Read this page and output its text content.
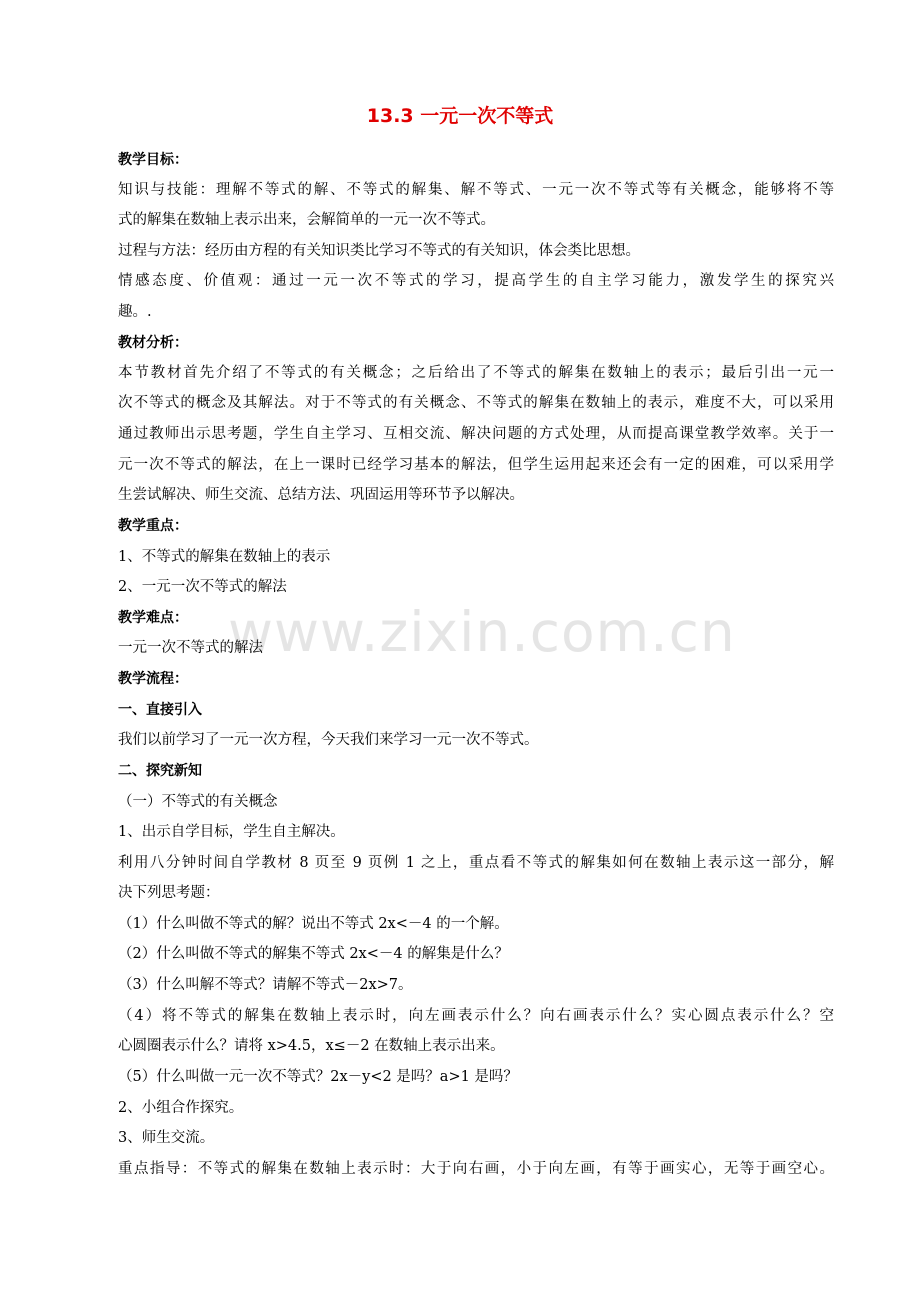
www.zixin.com.cn
13.3 一元一次不等式
教学目标：
知识与技能：理解不等式的解、不等式的解集、解不等式、一元一次不等式等有关概念，能够将不等
式的解集在数轴上表示出来，会解简单的一元一次不等式。
过程与方法：经历由方程的有关知识类比学习不等式的有关知识，体会类比思想。
情感态度、价值观：通过一元一次不等式的学习，提高学生的自主学习能力，激发学生的探究兴
趣。.
教材分析：
本节教材首先介绍了不等式的有关概念；之后给出了不等式的解集在数轴上的表示；最后引出一元一
次不等式的概念及其解法。对于不等式的有关概念、不等式的解集在数轴上的表示，难度不大，可以采用
通过教师出示思考题，学生自主学习、互相交流、解决问题的方式处理，从而提高课堂教学效率。关于一
元一次不等式的解法，在上一课时已经学习基本的解法，但学生运用起来还会有一定的困难，可以采用学
生尝试解决、师生交流、总结方法、巩固运用等环节予以解决。
教学重点：
1、不等式的解集在数轴上的表示
2、一元一次不等式的解法
教学难点：
一元一次不等式的解法
教学流程：
一、直接引入
我们以前学习了一元一次方程，今天我们来学习一元一次不等式。
二、探究新知
（一）不等式的有关概念
1、出示自学目标，学生自主解决。
利用八分钟时间自学教材 8 页至 9 页例 1 之上，重点看不等式的解集如何在数轴上表示这一部分，解
决下列思考题：
（1）什么叫做不等式的解？说出不等式 2x<－4 的一个解。
（2）什么叫做不等式的解集不等式 2x<－4 的解集是什么？
（3）什么叫解不等式？请解不等式－2x>7。
（4）将不等式的解集在数轴上表示时，向左画表示什么？向右画表示什么？实心圆点表示什么？空
心圆圈表示什么？请将 x>4.5，x≤－2 在数轴上表示出来。
（5）什么叫做一元一次不等式？2x－y<2 是吗？a>1 是吗？
2、小组合作探究。
3、师生交流。
重点指导：不等式的解集在数轴上表示时：大于向右画，小于向左画，有等于画实心，无等于画空心。
